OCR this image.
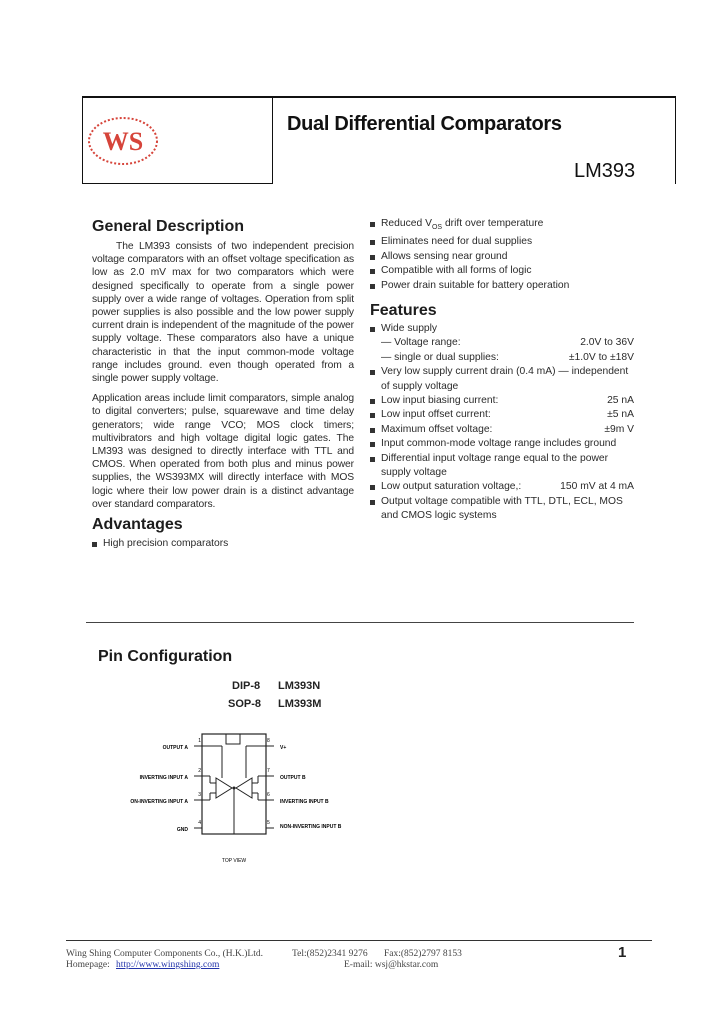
WS
Dual Differential Comparators
LM393
General Description
The LM393 consists of two independent precision voltage comparators with an offset voltage specification as low as 2.0 mV max for two comparators which were designed specifically to operate from a single power supply over a wide range of voltages. Operation from split power supplies is also possible and the low power supply current drain is independent of the magnitude of the power supply voltage. These comparators also have a unique characteristic in that the input common-mode voltage range includes ground. even though operated from a single power supply voltage.
Application areas include limit comparators, simple analog to digital converters; pulse, squarewave and time delay generators; wide range VCO; MOS clock timers; multivibrators and high voltage digital logic gates. The LM393 was designed to directly interface with TTL and CMOS. When operated from both plus and minus power supplies, the WS393MX will directly interface with MOS logic where their low power drain is a distinct advantage over standard comparators.
Advantages
High precision comparators
Reduced $V_{OS}$ drift over temperature
Eliminates need for dual supplies
Allows sensing near ground
Compatible with all forms of logic
Power drain suitable for battery operation
Features
Wide supply
— Voltage range:	2.0V to 36V
— single or dual supplies:	±1.0V to ±18V
Very low supply current drain (0.4 mA) — independent of supply voltage
Low input biasing current:	25 nA
Low input offset current:	±5 nA
Maximum offset voltage:	±9m V
Input common-mode voltage range includes ground
Differential input voltage range equal to the power supply voltage
Low output saturation voltage,:	150 mV at 4 mA
Output voltage compatible with TTL, DTL, ECL, MOS and CMOS logic systems
Pin Configuration
DIP-8 LM393N
SOP-8 LM393M
1
OUTPUT A
2
INVERTING INPUT A
3
NON-INVERTING INPUT A
4
GND
8
V+
7
OUTPUT B
6
INVERTING INPUT B
5
NON-INVERTING INPUT B
TOP VIEW
Wing Shing Computer Components Co., (H.K.)Ltd.
Homepage: http://www.wingshing.com
Tel:(852)2341 9276 Fax:(852)2797 8153
E-mail: wsj@hkstar.com
1
